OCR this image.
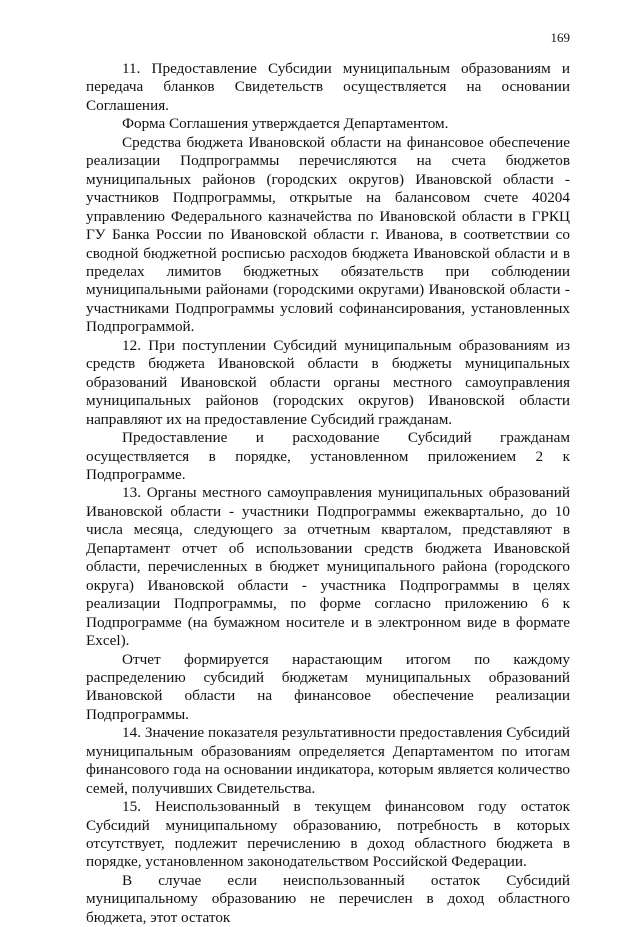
169

11. Предоставление Субсидии муниципальным образованиям и передача бланков Свидетельств осуществляется на основании Соглашения.

Форма Соглашения утверждается Департаментом.

Средства бюджета Ивановской области на финансовое обеспечение реализации Подпрограммы перечисляются на счета бюджетов муниципальных районов (городских округов) Ивановской области - участников Подпрограммы, открытые на балансовом счете 40204 управлению Федерального казначейства по Ивановской области в ГРКЦ ГУ Банка России по Ивановской области г. Иванова, в соответствии со сводной бюджетной росписью расходов бюджета Ивановской области и в пределах лимитов бюджетных обязательств при соблюдении муниципальными районами (городскими округами) Ивановской области - участниками Подпрограммы условий софинансирования, установленных Подпрограммой.

12. При поступлении Субсидий муниципальным образованиям из средств бюджета Ивановской области в бюджеты муниципальных образований Ивановской области органы местного самоуправления муниципальных районов (городских округов) Ивановской области направляют их на предоставление Субсидий гражданам.

Предоставление и расходование Субсидий гражданам осуществляется в порядке, установленном приложением 2 к Подпрограмме.

13. Органы местного самоуправления муниципальных образований Ивановской области - участники Подпрограммы ежеквартально, до 10 числа месяца, следующего за отчетным кварталом, представляют в Департамент отчет об использовании средств бюджета Ивановской области, перечисленных в бюджет муниципального района (городского округа) Ивановской области - участника Подпрограммы в целях реализации Подпрограммы, по форме согласно приложению 6 к Подпрограмме (на бумажном носителе и в электронном виде в формате Excel).

Отчет формируется нарастающим итогом по каждому распределению субсидий бюджетам муниципальных образований Ивановской области на финансовое обеспечение реализации Подпрограммы.

14. Значение показателя результативности предоставления Субсидий муниципальным образованиям определяется Департаментом по итогам финансового года на основании индикатора, которым является количество семей, получивших Свидетельства.

15. Неиспользованный в текущем финансовом году остаток Субсидий муниципальному образованию, потребность в которых отсутствует, подлежит перечислению в доход областного бюджета в порядке, установленном законодательством Российской Федерации.

В случае если неиспользованный остаток Субсидий муниципальному образованию не перечислен в доход областного бюджета, этот остаток
